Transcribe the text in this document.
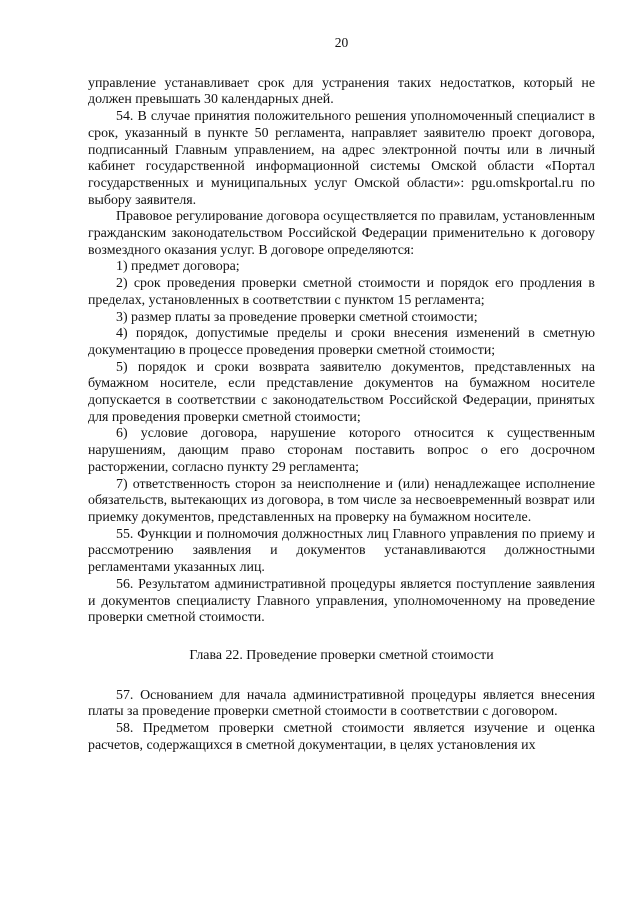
20

управление устанавливает срок для устранения таких недостатков, который не должен превышать 30 календарных дней.

54. В случае принятия положительного решения уполномоченный специалист в срок, указанный в пункте 50 регламента, направляет заявителю проект договора, подписанный Главным управлением, на адрес электронной почты или в личный кабинет государственной информационной системы Омской области «Портал государственных и муниципальных услуг Омской области»: pgu.omskportal.ru по выбору заявителя.

Правовое регулирование договора осуществляется по правилам, установленным гражданским законодательством Российской Федерации применительно к договору возмездного оказания услуг. В договоре определяются:

1) предмет договора;

2) срок проведения проверки сметной стоимости и порядок его продления в пределах, установленных в соответствии с пунктом 15 регламента;

3) размер платы за проведение проверки сметной стоимости;

4) порядок, допустимые пределы и сроки внесения изменений в сметную документацию в процессе проведения проверки сметной стоимости;

5) порядок и сроки возврата заявителю документов, представленных на бумажном носителе, если представление документов на бумажном носителе допускается в соответствии с законодательством Российской Федерации, принятых для проведения проверки сметной стоимости;

6) условие договора, нарушение которого относится к существенным нарушениям, дающим право сторонам поставить вопрос о его досрочном расторжении, согласно пункту 29 регламента;

7) ответственность сторон за неисполнение и (или) ненадлежащее исполнение обязательств, вытекающих из договора, в том числе за несвоевременный возврат или приемку документов, представленных на проверку на бумажном носителе.

55. Функции и полномочия должностных лиц Главного управления по приему и рассмотрению заявления и документов устанавливаются должностными регламентами указанных лиц.

56. Результатом административной процедуры является поступление заявления и документов специалисту Главного управления, уполномоченному на проведение проверки сметной стоимости.

Глава 22. Проведение проверки сметной стоимости

57. Основанием для начала административной процедуры является внесения платы за проведение проверки сметной стоимости в соответствии с договором.

58. Предметом проверки сметной стоимости является изучение и оценка расчетов, содержащихся в сметной документации, в целях установления их
